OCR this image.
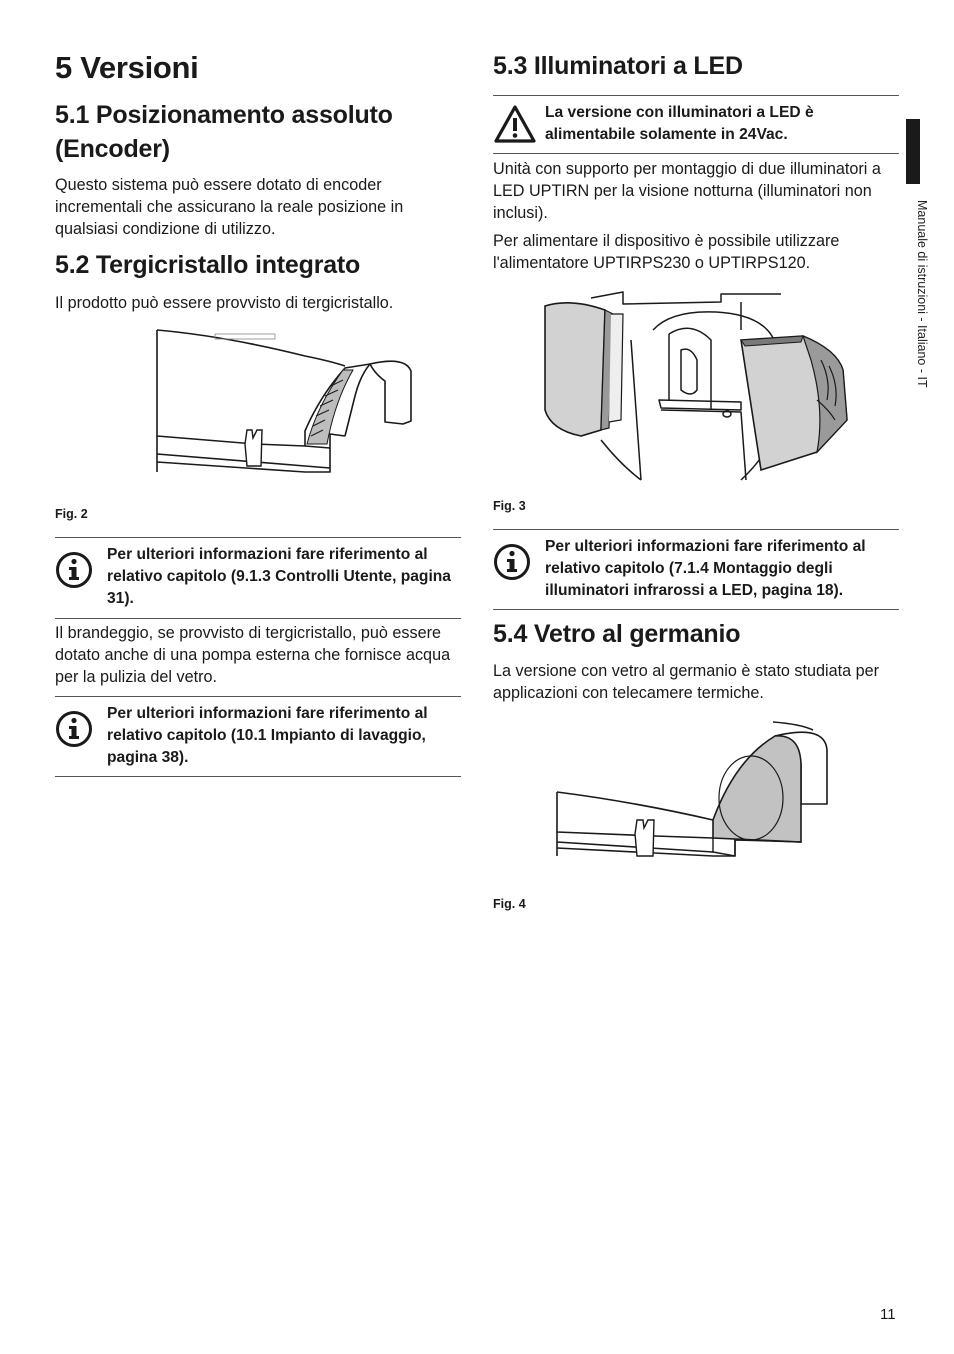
5 Versioni
5.1 Posizionamento assoluto
(Encoder)

Questo sistema può essere dotato di encoder incrementali che assicurano la reale posizione in qualsiasi condizione di utilizzo.

5.2 Tergicristallo integrato

Il prodotto può essere provvisto di tergicristallo.

Fig. 2
Per ulteriori informazioni fare riferimento al relativo capitolo (9.1.3 Controlli Utente, pagina 31).

Il brandeggio, se provvisto di tergicristallo, può essere dotato anche di una pompa esterna che fornisce acqua per la pulizia del vetro.

Per ulteriori informazioni fare riferimento al relativo capitolo (10.1 Impianto di lavaggio, pagina 38).
5.3 Illuminatori a LED
La versione con illuminatori a LED è alimentabile solamente in 24Vac.

Unità con supporto per montaggio di due illuminatori a LED UPTIRN per la visione notturna (illuminatori non inclusi).

Per alimentare il dispositivo è possibile utilizzare l'alimentatore UPTIRPS230 o UPTIRPS120.

Fig. 3
Per ulteriori informazioni fare riferimento al relativo capitolo (7.1.4 Montaggio degli illuminatori infrarossi a LED, pagina 18).
5.4 Vetro al germanio

La versione con vetro al germanio è stato studiata per applicazioni con telecamere termiche.

Fig. 4
Manuale di istruzioni - Italiano - IT
11
